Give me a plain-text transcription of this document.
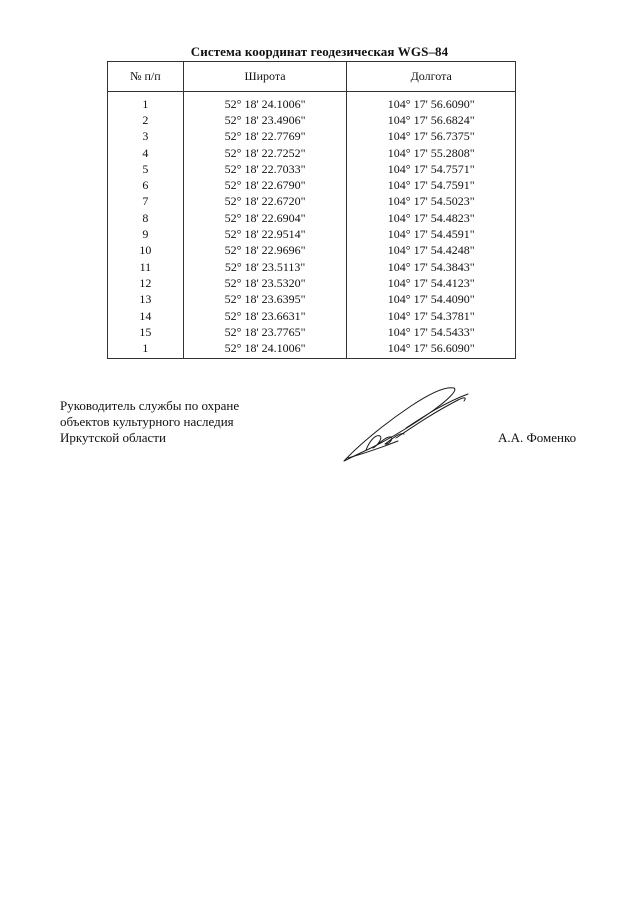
Система координат геодезическая WGS–84
№ п/п	Широта	Долгота
1	52° 18' 24.1006"	104° 17' 56.6090"
2	52° 18' 23.4906"	104° 17' 56.6824"
3	52° 18' 22.7769"	104° 17' 56.7375"
4	52° 18' 22.7252"	104° 17' 55.2808"
5	52° 18' 22.7033"	104° 17' 54.7571"
6	52° 18' 22.6790"	104° 17' 54.7591"
7	52° 18' 22.6720"	104° 17' 54.5023"
8	52° 18' 22.6904"	104° 17' 54.4823"
9	52° 18' 22.9514"	104° 17' 54.4591"
10	52° 18' 22.9696"	104° 17' 54.4248"
11	52° 18' 23.5113"	104° 17' 54.3843"
12	52° 18' 23.5320"	104° 17' 54.4123"
13	52° 18' 23.6395"	104° 17' 54.4090"
14	52° 18' 23.6631"	104° 17' 54.3781"
15	52° 18' 23.7765"	104° 17' 54.5433"
1	52° 18' 24.1006"	104° 17' 56.6090"
Руководитель службы по охране
объектов культурного наследия
Иркутской области	А.А. Фоменко
